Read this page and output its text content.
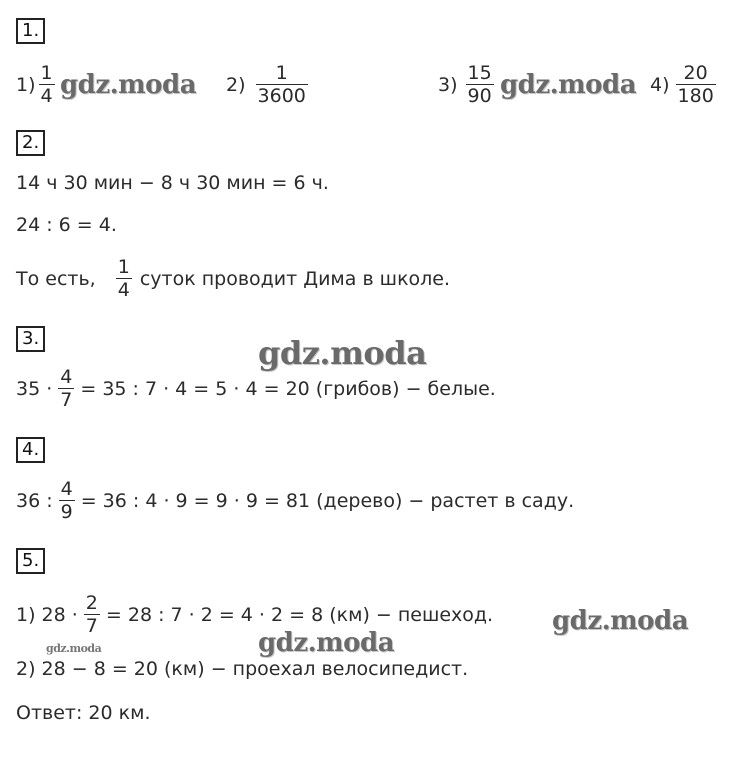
1.
$1) \frac{1}{4}$	$2) \frac{1}{3600}$	$3) \frac{15}{90}$	$4) \frac{20}{180}$
gdz.moda	gdz.moda
2.
14 ч 30 мин − 8 ч 30 мин = 6 ч.
24 : 6 = 4.
То есть, $\frac{1}{4}$ суток проводит Дима в школе.
3.	gdz.moda
$35 \cdot \frac{4}{7} = 35$ : 7 · 4 = 5 · 4 = 20 (грибов) − белые.
4.
36 : $\frac{4}{9} = 36$ : 4 · 9 = 9 · 9 = 81 (дерево) − растет в саду.
5.
1) $28 \cdot \frac{2}{7} = 28$ : 7 · 2 = 4 · 2 = 8 (км) − пешеход. gdz.moda
gdz.moda
gdz.moda
2) 28 − 8 = 20 (км) − проехал велосипедист.
Ответ: 20 км.
